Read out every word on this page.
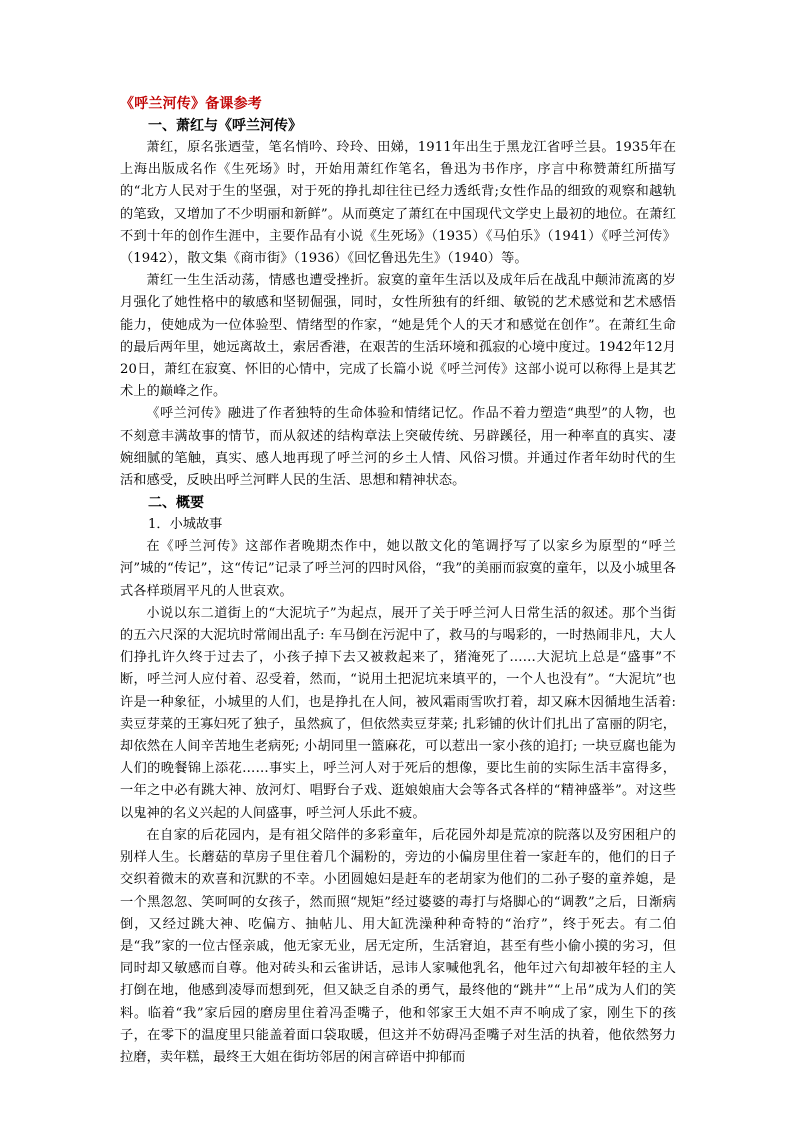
《呼兰河传》备课参考

一、萧红与《呼兰河传》

萧红，原名张迺莹，笔名悄吟、玲玲、田娣，1911年出生于黑龙江省呼兰县。1935年在上海出版成名作《生死场》时，开始用萧红作笔名，鲁迅为书作序，序言中称赞萧红所描写的“北方人民对于生的坚强，对于死的挣扎却往往已经力透纸背;女性作品的细致的观察和越轨的笔致，又增加了不少明丽和新鲜”。从而奠定了萧红在中国现代文学史上最初的地位。在萧红不到十年的创作生涯中，主要作品有小说《生死场》（1935）《马伯乐》（1941）《呼兰河传》（1942），散文集《商市街》（1936）《回忆鲁迅先生》（1940）等。

萧红一生生活动荡，情感也遭受挫折。寂寞的童年生活以及成年后在战乱中颠沛流离的岁月强化了她性格中的敏感和坚韧倔强，同时，女性所独有的纤细、敏锐的艺术感觉和艺术感悟能力，使她成为一位体验型、情绪型的作家，“她是凭个人的天才和感觉在创作”。在萧红生命的最后两年里，她远离故土，索居香港，在艰苦的生活环境和孤寂的心境中度过。1942年12月20日，萧红在寂寞、怀旧的心情中，完成了长篇小说《呼兰河传》这部小说可以称得上是其艺术上的巅峰之作。

《呼兰河传》融进了作者独特的生命体验和情绪记忆。作品不着力塑造“典型”的人物，也不刻意丰满故事的情节，而从叙述的结构章法上突破传统、另辟蹊径，用一种率直的真实、凄婉细腻的笔触，真实、感人地再现了呼兰河的乡土人情、风俗习惯。并通过作者年幼时代的生活和感受，反映出呼兰河畔人民的生活、思想和精神状态。

二、概要

1．小城故事

在《呼兰河传》这部作者晚期杰作中，她以散文化的笔调抒写了以家乡为原型的“呼兰河”城的“传记”，这“传记”记录了呼兰河的四时风俗，“我”的美丽而寂寞的童年，以及小城里各式各样琐屑平凡的人世哀欢。

小说以东二道街上的“大泥坑子”为起点，展开了关于呼兰河人日常生活的叙述。那个当街的五六尺深的大泥坑时常闹出乱子: 车马倒在污泥中了，救马的与喝彩的，一时热闹非凡，大人们挣扎许久终于过去了，小孩子掉下去又被救起来了，猪淹死了……大泥坑上总是“盛事”不断，呼兰河人应付着、忍受着，然而，“说用土把泥坑来填平的，一个人也没有”。“大泥坑”也许是一种象征，小城里的人们，也是挣扎在人间，被风霜雨雪吹打着，却又麻木因循地生活着: 卖豆芽菜的王寡妇死了独子，虽然疯了，但依然卖豆芽菜; 扎彩铺的伙计们扎出了富丽的阴宅，却依然在人间辛苦地生老病死; 小胡同里一篮麻花，可以惹出一家小孩的追打; 一块豆腐也能为人们的晚餐锦上添花……事实上，呼兰河人对于死后的想像，要比生前的实际生活丰富得多，一年之中必有跳大神、放河灯、唱野台子戏、逛娘娘庙大会等各式各样的“精神盛举”。对这些以鬼神的名义兴起的人间盛事，呼兰河人乐此不疲。

在自家的后花园内，是有祖父陪伴的多彩童年，后花园外却是荒凉的院落以及穷困租户的别样人生。长蘑菇的草房子里住着几个漏粉的，旁边的小偏房里住着一家赶车的，他们的日子交织着微末的欢喜和沉默的不幸。小团圆媳妇是赶车的老胡家为他们的二孙子娶的童养媳，是一个黑忽忽、笑呵呵的女孩子，然而照“规矩”经过婆婆的毒打与烙脚心的“调教”之后，日渐病倒，又经过跳大神、吃偏方、抽帖儿、用大缸洗澡种种奇特的“治疗”，终于死去。有二伯是“我”家的一位古怪亲戚，他无家无业，居无定所，生活窘迫，甚至有些小偷小摸的劣习，但同时却又敏感而自尊。他对砖头和云雀讲话，忌讳人家喊他乳名，他年过六旬却被年轻的主人打倒在地，他感到凌辱而想到死，但又缺乏自杀的勇气，最终他的“跳井”“上吊”成为人们的笑料。临着“我”家后园的磨房里住着冯歪嘴子，他和邻家王大姐不声不响成了家，刚生下的孩子，在零下的温度里只能盖着面口袋取暖，但这并不妨碍冯歪嘴子对生活的执着，他依然努力拉磨，卖年糕，最终王大姐在街坊邻居的闲言碎语中抑郁而
